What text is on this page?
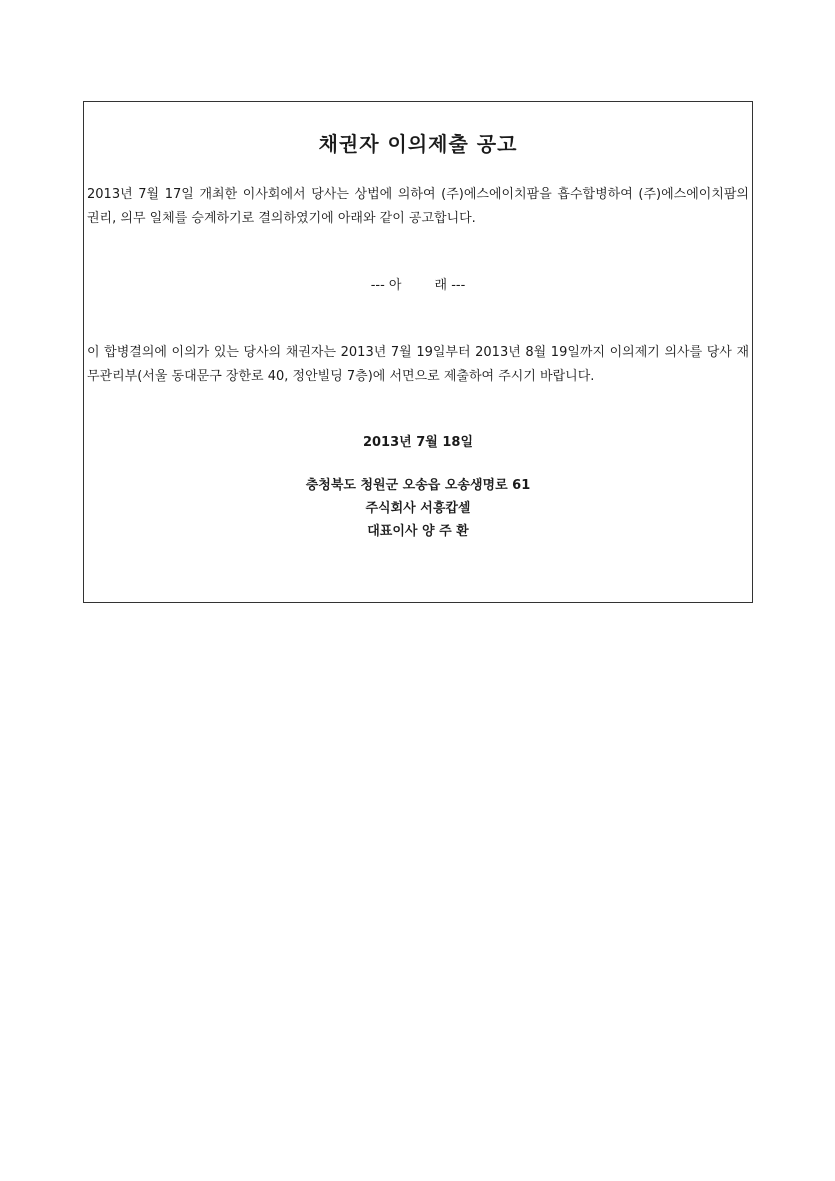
채권자 이의제출 공고

2013년 7월 17일 개최한 이사회에서 당사는 상법에 의하여 (주)에스에이치팜을 흡수합병하여 (주)에스에이치팜의 권리, 의무 일체를 승계하기로 결의하였기에 아래와 같이 공고합니다.

--- 아        래 ---

이 합병결의에 이의가 있는 당사의 채권자는 2013년 7월 19일부터 2013년 8월 19일까지 이의제기 의사를 당사 재무관리부(서울 동대문구 장한로 40, 정안빌딩 7층)에 서면으로 제출하여 주시기 바랍니다.

2013년 7월 18일
충청북도 청원군 오송읍 오송생명로 61
주식회사 서흥캅셀
대표이사 양 주 환
